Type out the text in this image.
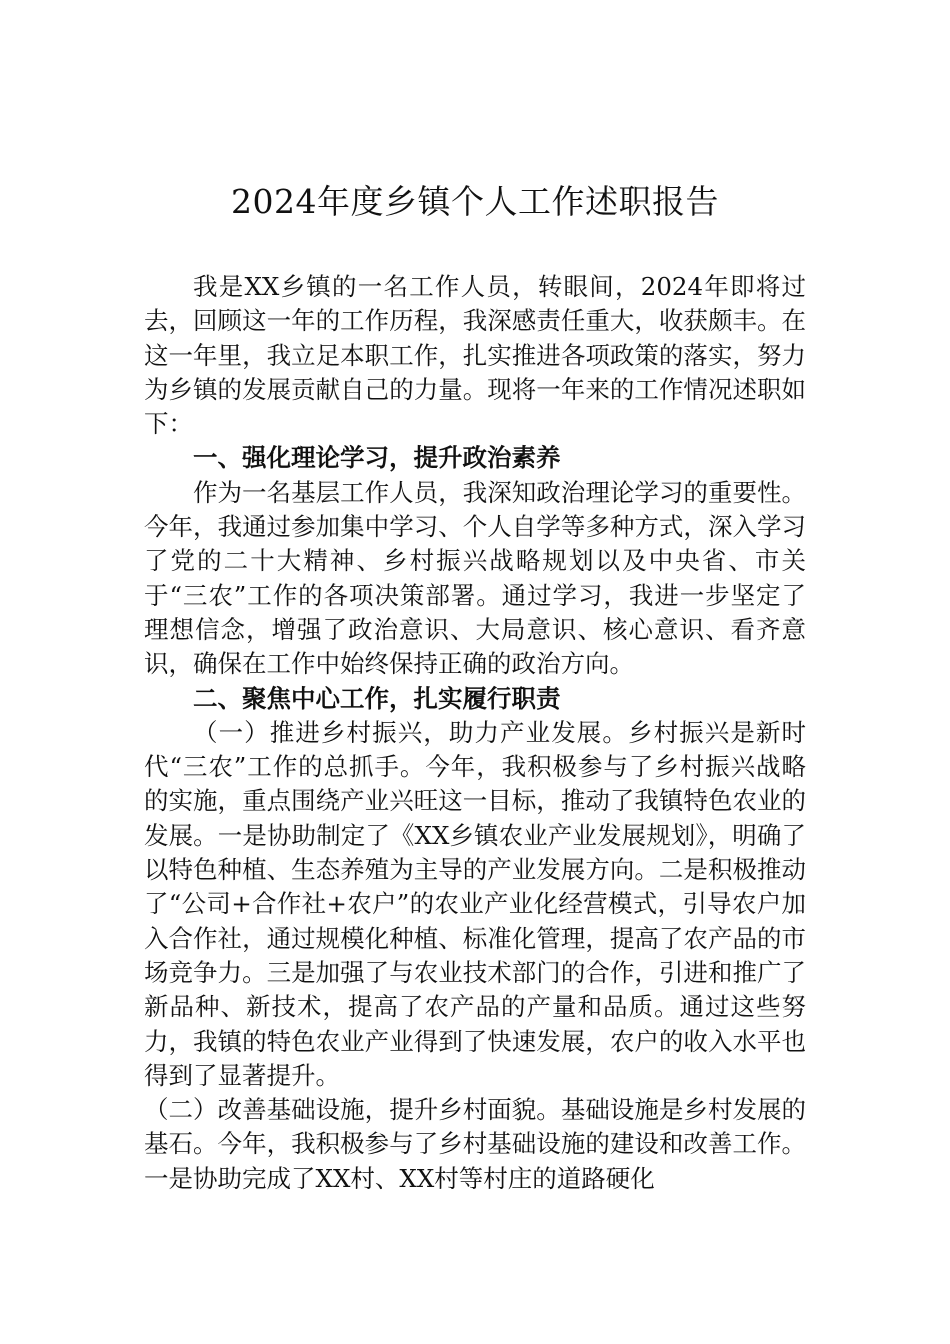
2024年度乡镇个人工作述职报告

我是XX乡镇的一名工作人员，转眼间，2024年即将过去，回顾这一年的工作历程，我深感责任重大，收获颇丰。在这一年里，我立足本职工作，扎实推进各项政策的落实，努力为乡镇的发展贡献自己的力量。现将一年来的工作情况述职如下：

一、强化理论学习，提升政治素养

作为一名基层工作人员，我深知政治理论学习的重要性。今年，我通过参加集中学习、个人自学等多种方式，深入学习了党的二十大精神、乡村振兴战略规划以及中央省、市关于“三农”工作的各项决策部署。通过学习，我进一步坚定了理想信念，增强了政治意识、大局意识、核心意识、看齐意识，确保在工作中始终保持正确的政治方向。

二、聚焦中心工作，扎实履行职责

（一）推进乡村振兴，助力产业发展。乡村振兴是新时代“三农”工作的总抓手。今年，我积极参与了乡村振兴战略的实施，重点围绕产业兴旺这一目标，推动了我镇特色农业的发展。一是协助制定了《XX乡镇农业产业发展规划》，明确了以特色种植、生态养殖为主导的产业发展方向。二是积极推动了“公司+合作社+农户”的农业产业化经营模式，引导农户加入合作社，通过规模化种植、标准化管理，提高了农产品的市场竞争力。三是加强了与农业技术部门的合作，引进和推广了新品种、新技术，提高了农产品的产量和品质。通过这些努力，我镇的特色农业产业得到了快速发展，农户的收入水平也得到了显著提升。

（二）改善基础设施，提升乡村面貌。基础设施是乡村发展的基石。今年，我积极参与了乡村基础设施的建设和改善工作。一是协助完成了XX村、XX村等村庄的道路硬化
